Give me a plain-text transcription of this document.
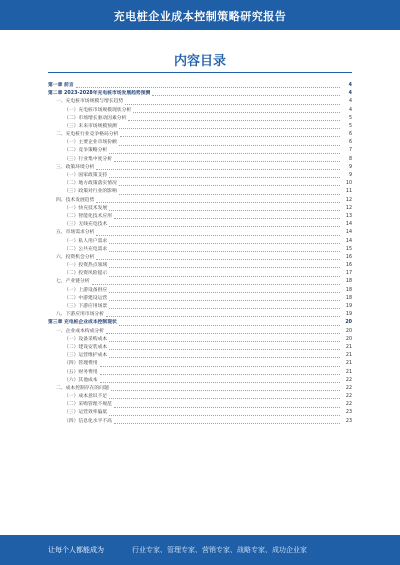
充电桩企业成本控制策略研究报告
内容目录
第一章 前言	4
第二章 2023-2028年充电桩市场发展趋势预测	4
一、充电桩市场规模与增长趋势	4
（一）充电桩市场规模现状分析	4
（二）市场增长驱动因素分析	5
（三）未来市场规模预测	5
二、充电桩行业竞争格局分析	6
（一）主要企业市场份额	6
（二）竞争策略分析	7
（三）行业集中度分析	8
三、政策环境分析	9
（一）国家政策支持	9
（二）地方政策落实情况	10
（三）政策对行业的影响	11
四、技术发展趋势	12
（一）快充技术发展	12
（二）智能化技术应用	13
（三）无线充电技术	14
五、市场需求分析	14
（一）私人用户需求	14
（二）公共充电需求	15
六、投资机会分析	16
（一）投资热点领域	16
（二）投资风险提示	17
七、产业链分析	18
（一）上游设备供应	18
（二）中游建设运营	18
（三）下游应用场景	19
八、下游应用市场分析	19
第三章 充电桩企业成本控制现状	20
一、企业成本构成分析	20
（一）设备采购成本	20
（二）建设安装成本	21
（三）运营维护成本	21
（四）管理费用	21
（五）财务费用	21
（六）其他成本	22
二、成本控制存在的问题	22
（一）成本意识不足	22
（二）采购管理不规范	22
（三）运营效率偏低	23
（四）信息化水平不高	23
让每个人都能成为	行业专家、管理专家、营销专家、战略专家、成功企业家
